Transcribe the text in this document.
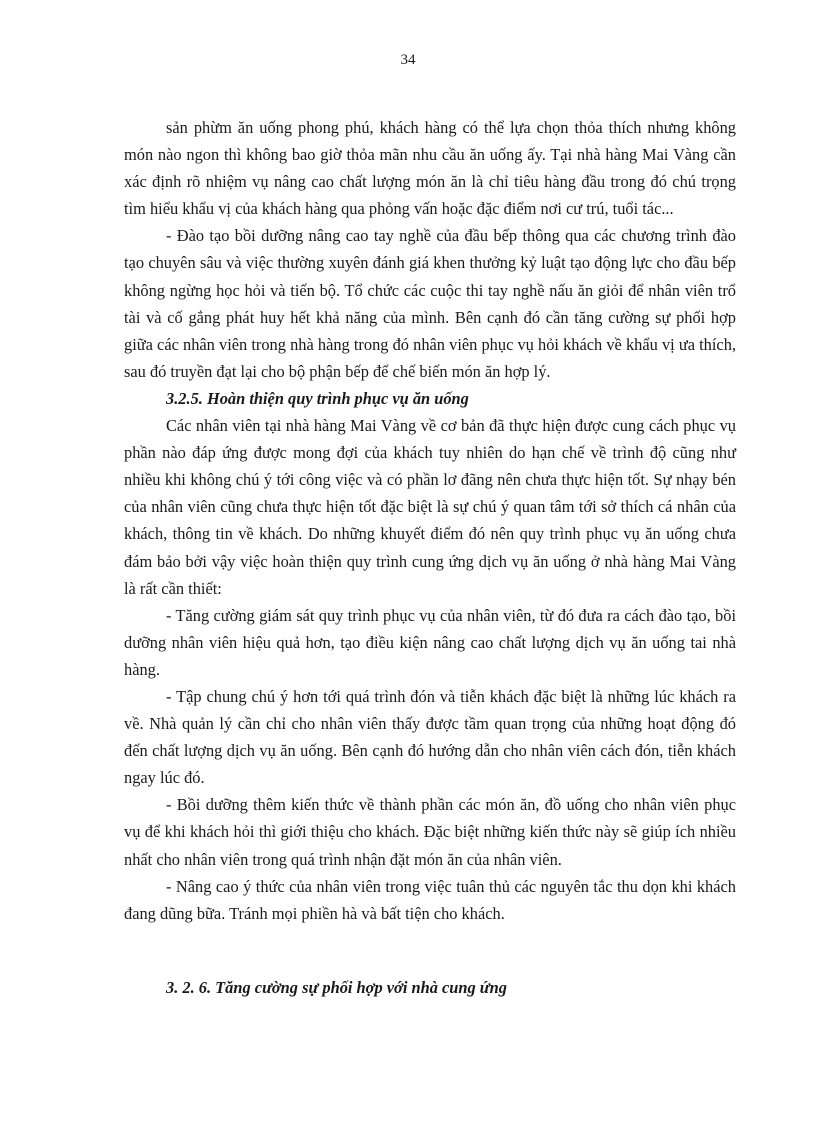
34

sản phừm ăn uống phong phú, khách hàng có thể lựa chọn thỏa thích nhưng không món nào ngon thì không bao giờ thỏa mãn nhu cầu ăn uống ấy. Tại nhà hàng Mai Vàng cần xác định rõ nhiệm vụ nâng cao chất lượng món ăn là chỉ tiêu hàng đầu trong đó chú trọng tìm hiểu khẩu vị của khách hàng qua phỏng vấn hoặc đặc điểm nơi cư trú, tuổi tác...

- Đào tạo bồi dưỡng nâng cao tay nghề của đầu bếp thông qua các chương trình đào tạo chuyên sâu và việc thường xuyên đánh giá khen thưởng kỷ luật tạo động lực cho đầu bếp không ngừng học hỏi và tiến bộ. Tổ chức các cuộc thi tay nghề nấu ăn giỏi để nhân viên trổ tài và cố gắng phát huy hết khả năng của mình. Bên cạnh đó cần tăng cường sự phối hợp giữa các nhân viên trong nhà hàng trong đó nhân viên phục vụ hỏi khách về khẩu vị ưa thích, sau đó truyền đạt lại cho bộ phận bếp để chế biến món ăn hợp lý.

3.2.5. Hoàn thiện quy trình phục vụ ăn uống

Các nhân viên tại nhà hàng Mai Vàng về cơ bản đã thực hiện được cung cách phục vụ phần nào đáp ứng được mong đợi của khách tuy nhiên do hạn chế về trình độ cũng như nhiều khi không chú ý tới công việc và có phần lơ đãng nên chưa thực hiện tốt. Sự nhạy bén của nhân viên cũng chưa thực hiện tốt đặc biệt là sự chú ý quan tâm tới sở thích cá nhân của khách, thông tin về khách. Do những khuyết điểm đó nên quy trình phục vụ ăn uống chưa đám bảo bởi vậy việc hoàn thiện quy trình cung ứng dịch vụ ăn uống ở nhà hàng Mai Vàng là rất cần thiết:

- Tăng cường giám sát quy trình phục vụ của nhân viên, từ đó đưa ra cách đào tạo, bồi dưỡng nhân viên hiệu quả hơn, tạo điều kiện nâng cao chất lượng dịch vụ ăn uống tai nhà hàng.

- Tập chung chú ý hơn tới quá trình đón và tiễn khách đặc biệt là những lúc khách ra về. Nhà quản lý cần chỉ cho nhân viên thấy được tầm quan trọng của những hoạt động đó đến chất lượng dịch vụ ăn uống. Bên cạnh đó hướng dẫn cho nhân viên cách đón, tiễn khách ngay lúc đó.

- Bồi dưỡng thêm kiến thức về thành phần các món ăn, đồ uống cho nhân viên phục vụ để khi khách hỏi thì giới thiệu cho khách. Đặc biệt những kiến thức này sẽ giúp ích nhiều nhất cho nhân viên trong quá trình nhận đặt món ăn của nhân viên.

- Nâng cao ý thức của nhân viên trong việc tuân thủ các nguyên tắc thu dọn khi khách đang dũng bữa. Tránh mọi phiền hà và bất tiện cho khách.

3. 2. 6. Tăng cường sự phối hợp với nhà cung ứng
